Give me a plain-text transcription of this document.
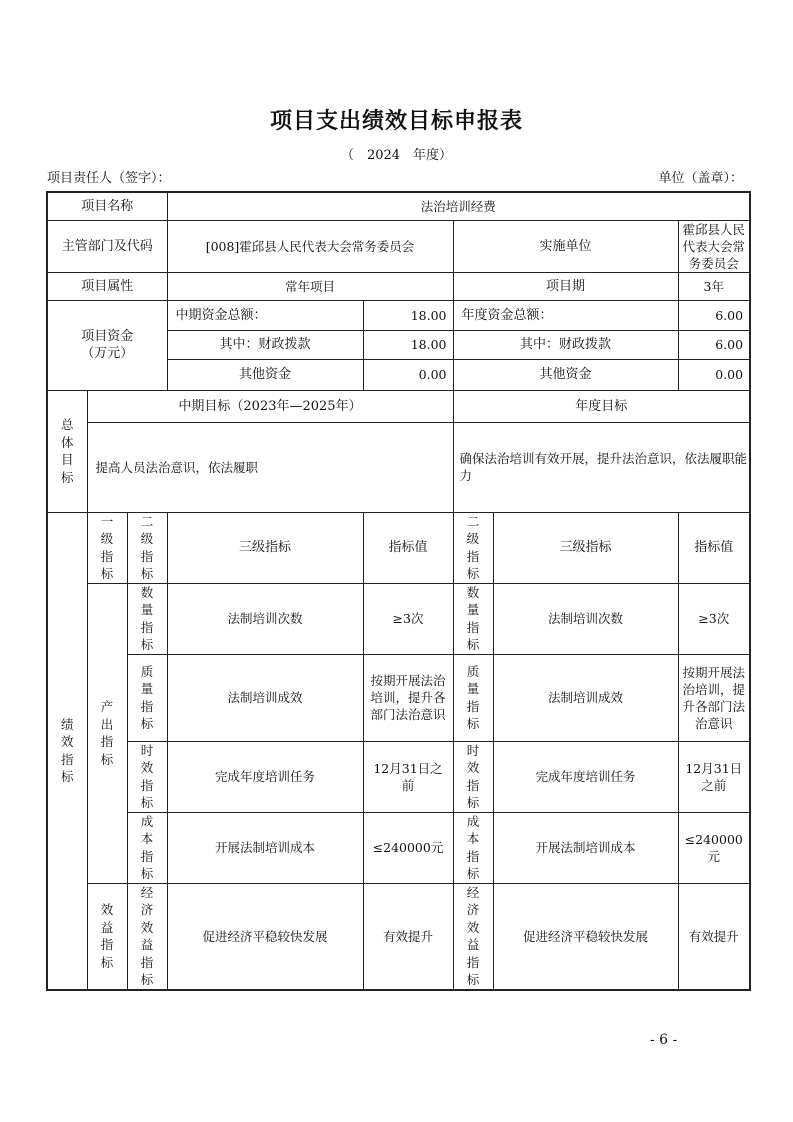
项目支出绩效目标申报表
（　2024　年度）
项目责任人（签字）：	单位（盖章）：
项目名称			法治培训经费				
主管部门及代码			[008]霍邱县人民代表大会常务委员会		实施单位		霍邱县人民代表大会常务委员会
项目属性			常年项目		项目期		3年
项目资金（万元）			中期资金总额：	18.00	年度资金总额：		6.00
			其中：财政拨款	18.00	其中：财政拨款		6.00
			其他资金	0.00	其他资金		0.00
总体目标	中期目标（2023年—2025年）				年度目标		
	提高人员法治意识，依法履职				确保法治培训有效开展，提升法治意识，依法履职能力		
绩效指标	一级指标	二级指标	三级指标	指标值	二级指标	三级指标	指标值
	产出指标	数量指标	法制培训次数	≥3次	数量指标	法制培训次数	≥3次
		质量指标	法制培训成效	按期开展法治培训，提升各部门法治意识	质量指标	法制培训成效	按期开展法治培训，提升各部门法治意识
		时效指标	完成年度培训任务	12月31日之前	时效指标	完成年度培训任务	12月31日之前
		成本指标	开展法制培训成本	≤240000元	成本指标	开展法制培训成本	≤240000元
	效益指标	经济效益指标	促进经济平稳较快发展	有效提升	经济效益指标	促进经济平稳较快发展	有效提升
- 6 -
